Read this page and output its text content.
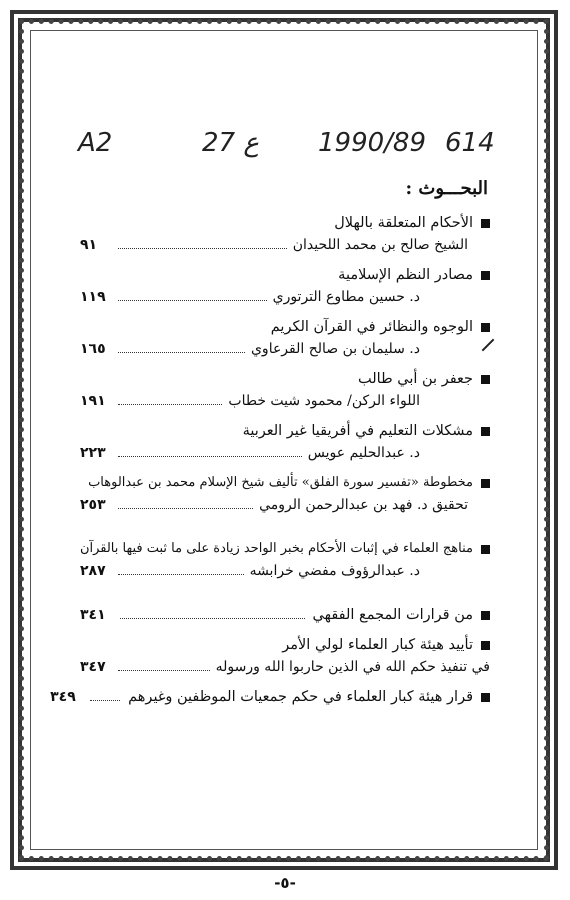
A2	27 ع 1990/89 614
البحـــوث :
الأحكام المتعلقة بالهلال
الشيخ صالح بن محمد اللحيدان
٩١
مصادر النظم الإسلامية
د. حسين مطاوع الترتوري
١١٩
الوجوه والنظائر في القرآن الكريم
د. سليمان بن صالح القرعاوي
١٦٥
جعفر بن أبي طالب
اللواء الركن/ محمود شيت خطاب
١٩١
مشكلات التعليم في أفريقيا غير العربية
د. عبدالحليم عويس
٢٢٣
مخطوطة «تفسير سورة الفلق» تأليف شيخ الإسلام محمد بن عبدالوهاب
تحقيق د. فهد بن عبدالرحمن الرومي
٢٥٣
مناهج العلماء في إثبات الأحكام بخبر الواحد زيادة على ما ثبت فيها بالقرآن
د. عبدالرؤوف مفضي خرابشه
٢٨٧
من قرارات المجمع الفقهي
٣٤١
تأييد هيئة كبار العلماء لولي الأمر
في تنفيذ حكم الله في الذين حاربوا الله ورسوله
٣٤٧
قرار هيئة كبار العلماء في حكم جمعيات الموظفين وغيرهم
٣٤٩
-٥-
